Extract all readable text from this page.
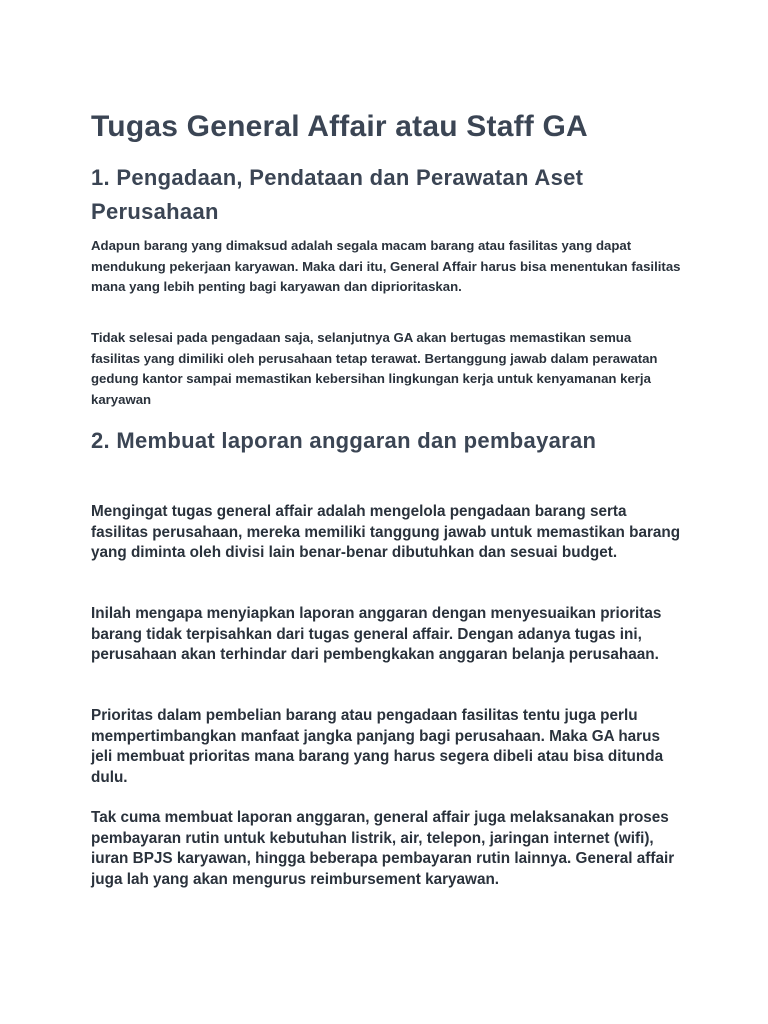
Tugas General Affair atau Staff GA
1. Pengadaan, Pendataan dan Perawatan Aset Perusahaan

Adapun barang yang dimaksud adalah segala macam barang atau fasilitas yang dapat mendukung pekerjaan karyawan. Maka dari itu, General Affair harus bisa menentukan fasilitas mana yang lebih penting bagi karyawan dan diprioritaskan.

Tidak selesai pada pengadaan saja, selanjutnya GA akan bertugas memastikan semua fasilitas yang dimiliki oleh perusahaan tetap terawat. Bertanggung jawab dalam perawatan gedung kantor sampai memastikan kebersihan lingkungan kerja untuk kenyamanan kerja karyawan

2. Membuat laporan anggaran dan pembayaran

Mengingat tugas general affair adalah mengelola pengadaan barang serta fasilitas perusahaan, mereka memiliki tanggung jawab untuk memastikan barang yang diminta oleh divisi lain benar-benar dibutuhkan dan sesuai budget.

Inilah mengapa menyiapkan laporan anggaran dengan menyesuaikan prioritas barang tidak terpisahkan dari tugas general affair. Dengan adanya tugas ini, perusahaan akan terhindar dari pembengkakan anggaran belanja perusahaan.

Prioritas dalam pembelian barang atau pengadaan fasilitas tentu juga perlu mempertimbangkan manfaat jangka panjang bagi perusahaan. Maka GA harus jeli membuat prioritas mana barang yang harus segera dibeli atau bisa ditunda dulu.

Tak cuma membuat laporan anggaran, general affair juga melaksanakan proses pembayaran rutin untuk kebutuhan listrik, air, telepon, jaringan internet (wifi), iuran BPJS karyawan, hingga beberapa pembayaran rutin lainnya. General affair juga lah yang akan mengurus reimbursement karyawan.
